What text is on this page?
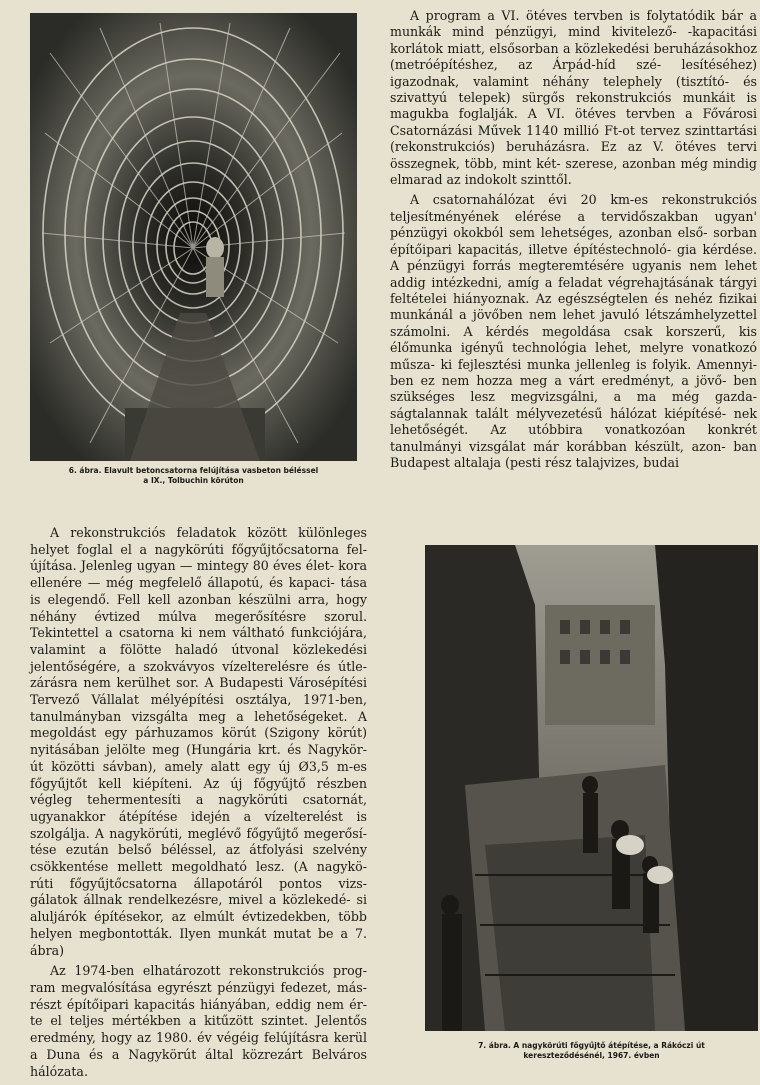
6. ábra. Elavult betoncsatorna felújítása vasbeton béléssel
a IX., Tolbuchin körúton

A program a VI. ötéves tervben is folytatódik bár a munkák mind pénzügyi, mind kivitelező- -kapacitási korlátok miatt, elsősorban a közlekedési beruházásokhoz (metróépítéshez, az Árpád-híd szé- lesítéséhez) igazodnak, valamint néhány telephely (tisztító- és szivattyú telepek) sürgős rekonstrukciós munkáit is magukba foglalják. A VI. ötéves tervben a Fővárosi Csatornázási Művek 1140 millió Ft-ot tervez szinttartási (rekonstrukciós) beruházásra. Ez az V. ötéves tervi összegnek, több, mint két- szerese, azonban még mindig elmarad az indokolt szinttől.

A csatornahálózat évi 20 km-es rekonstrukciós teljesítményének elérése a tervidőszakban ugyan' pénzügyi okokból sem lehetséges, azonban első- sorban építőipari kapacitás, illetve építéstechnoló- gia kérdése. A pénzügyi forrás megteremtésére ugyanis nem lehet addig intézkedni, amíg a feladat végrehajtásának tárgyi feltételei hiányoznak. Az egészségtelen és nehéz fizikai munkánál a jövőben nem lehet javuló létszámhelyzettel számolni. A kérdés megoldása csak korszerű, kis élőmunka igényű technológia lehet, melyre vonatkozó műsza- ki fejlesztési munka jellenleg is folyik. Amennyi- ben ez nem hozza meg a várt eredményt, a jövő- ben szükséges lesz megvizsgálni, a ma még gazda- ságtalannak talált mélyvezetésű hálózat kiépítésé- nek lehetőségét. Az utóbbira vonatkozóan konkrét tanulmányi vizsgálat már korábban készült, azon- ban Budapest altalaja (pesti rész talajvizes, budai

A rekonstrukciós feladatok között különleges helyet foglal el a nagykörúti főgyűjtőcsatorna fel- újítása. Jelenleg ugyan — mintegy 80 éves élet- kora ellenére — még megfelelő állapotú, és kapaci- tása is elegendő. Fell kell azonban készülni arra, hogy néhány évtized múlva megerősítésre szorul. Tekintettel a csatorna ki nem váltható funkciójára, valamint a fölötte haladó útvonal közlekedési jelentőségére, a szokvávyos vízelterelésre és útle- zárásra nem kerülhet sor. A Budapesti Városépítési Tervező Vállalat mélyépítési osztálya, 1971-ben, tanulmányban vizsgálta meg a lehetőségeket. A megoldást egy párhuzamos körút (Szigony körút) nyitásában jelölte meg (Hungária krt. és Nagykör- út közötti sávban), amely alatt egy új Ø3,5 m-es főgyűjtőt kell kiépíteni. Az új főgyűjtő részben végleg tehermentesíti a nagykörúti csatornát, ugyanakkor átépítése idején a vízelterelést is szolgálja. A nagykörúti, meglévő főgyűjtő megerősí- tése ezután belső béléssel, az átfolyási szelvény csökkentése mellett megoldható lesz. (A nagykö- rúti főgyűjtőcsatorna állapotáról pontos vizs- gálatok állnak rendelkezésre, mivel a közlekedé- si aluljárók építésekor, az elmúlt évtizedekben, több helyen megbontották. Ilyen munkát mutat be a 7. ábra)

Az 1974-ben elhatározott rekonstrukciós prog- ram megvalósítása egyrészt pénzügyi fedezet, más- részt építőipari kapacitás hiányában, eddig nem ér- te el teljes mértékben a kitűzött szintet. Jelentős eredmény, hogy az 1980. év végéig felújításra kerül a Duna és a Nagykörút által közrezárt Belváros hálózata.

7. ábra. A nagykörúti főgyűjtő átépítése, a Rákóczi út
kereszteződésénél, 1967. évben
